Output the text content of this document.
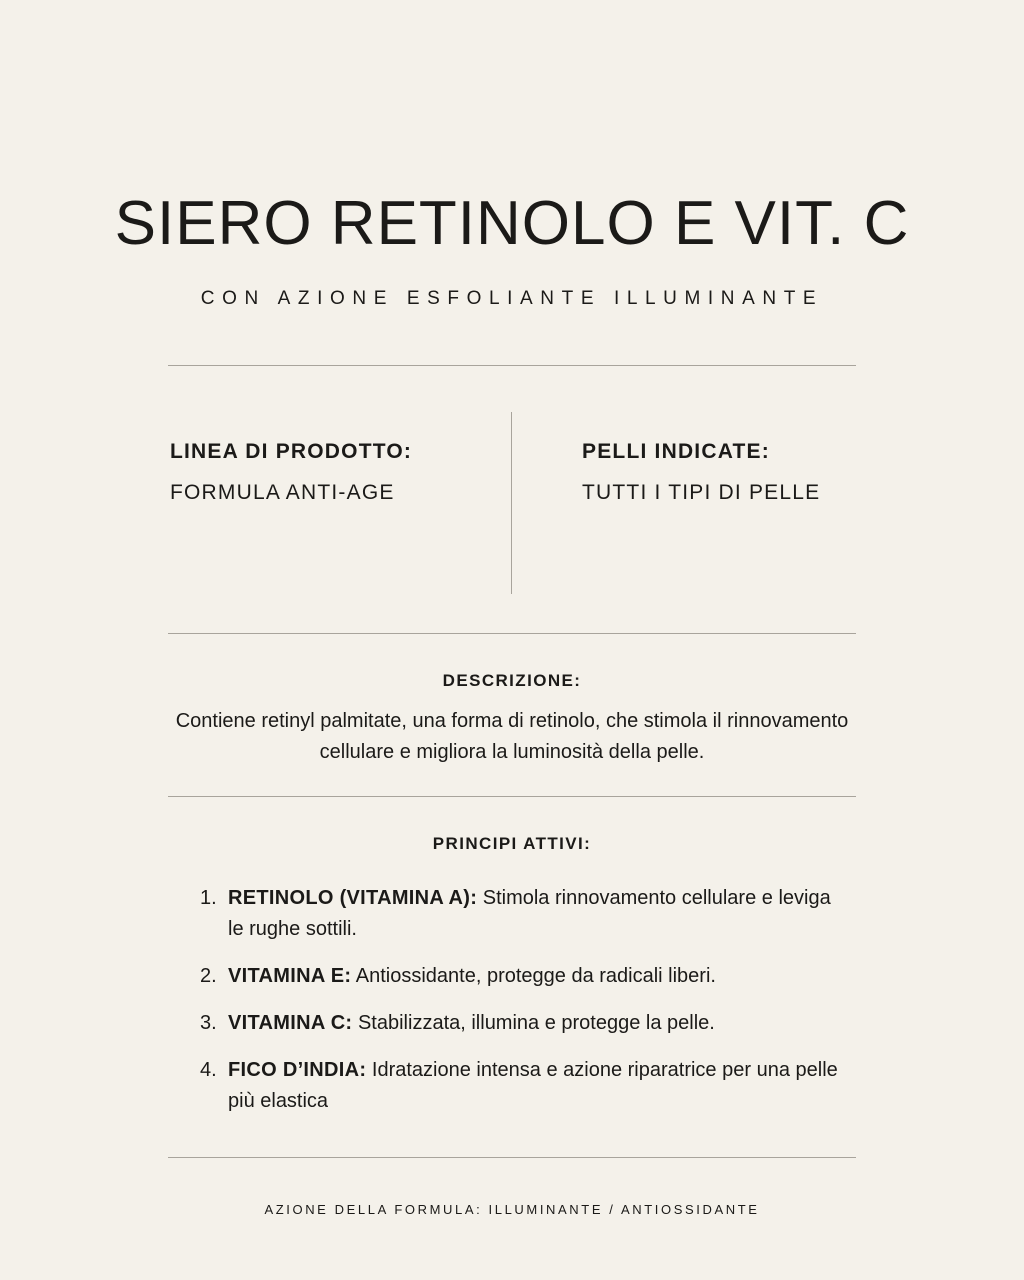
SIERO RETINOLO E VIT. C
CON AZIONE ESFOLIANTE ILLUMINANTE
LINEA DI PRODOTTO:
FORMULA ANTI-AGE
PELLI INDICATE:
TUTTI I TIPI DI PELLE
DESCRIZIONE:
Contiene retinyl palmitate, una forma di retinolo, che stimola il rinnovamento cellulare e migliora la luminosità della pelle.
PRINCIPI ATTIVI:
1. RETINOLO (VITAMINA A): Stimola rinnovamento cellulare e leviga le rughe sottili.
2. VITAMINA E: Antiossidante, protegge da radicali liberi.
3. VITAMINA C: Stabilizzata, illumina e protegge la pelle.
4. FICO D’INDIA: Idratazione intensa e azione riparatrice per una pelle più elastica
AZIONE DELLA FORMULA: ILLUMINANTE / ANTIOSSIDANTE
